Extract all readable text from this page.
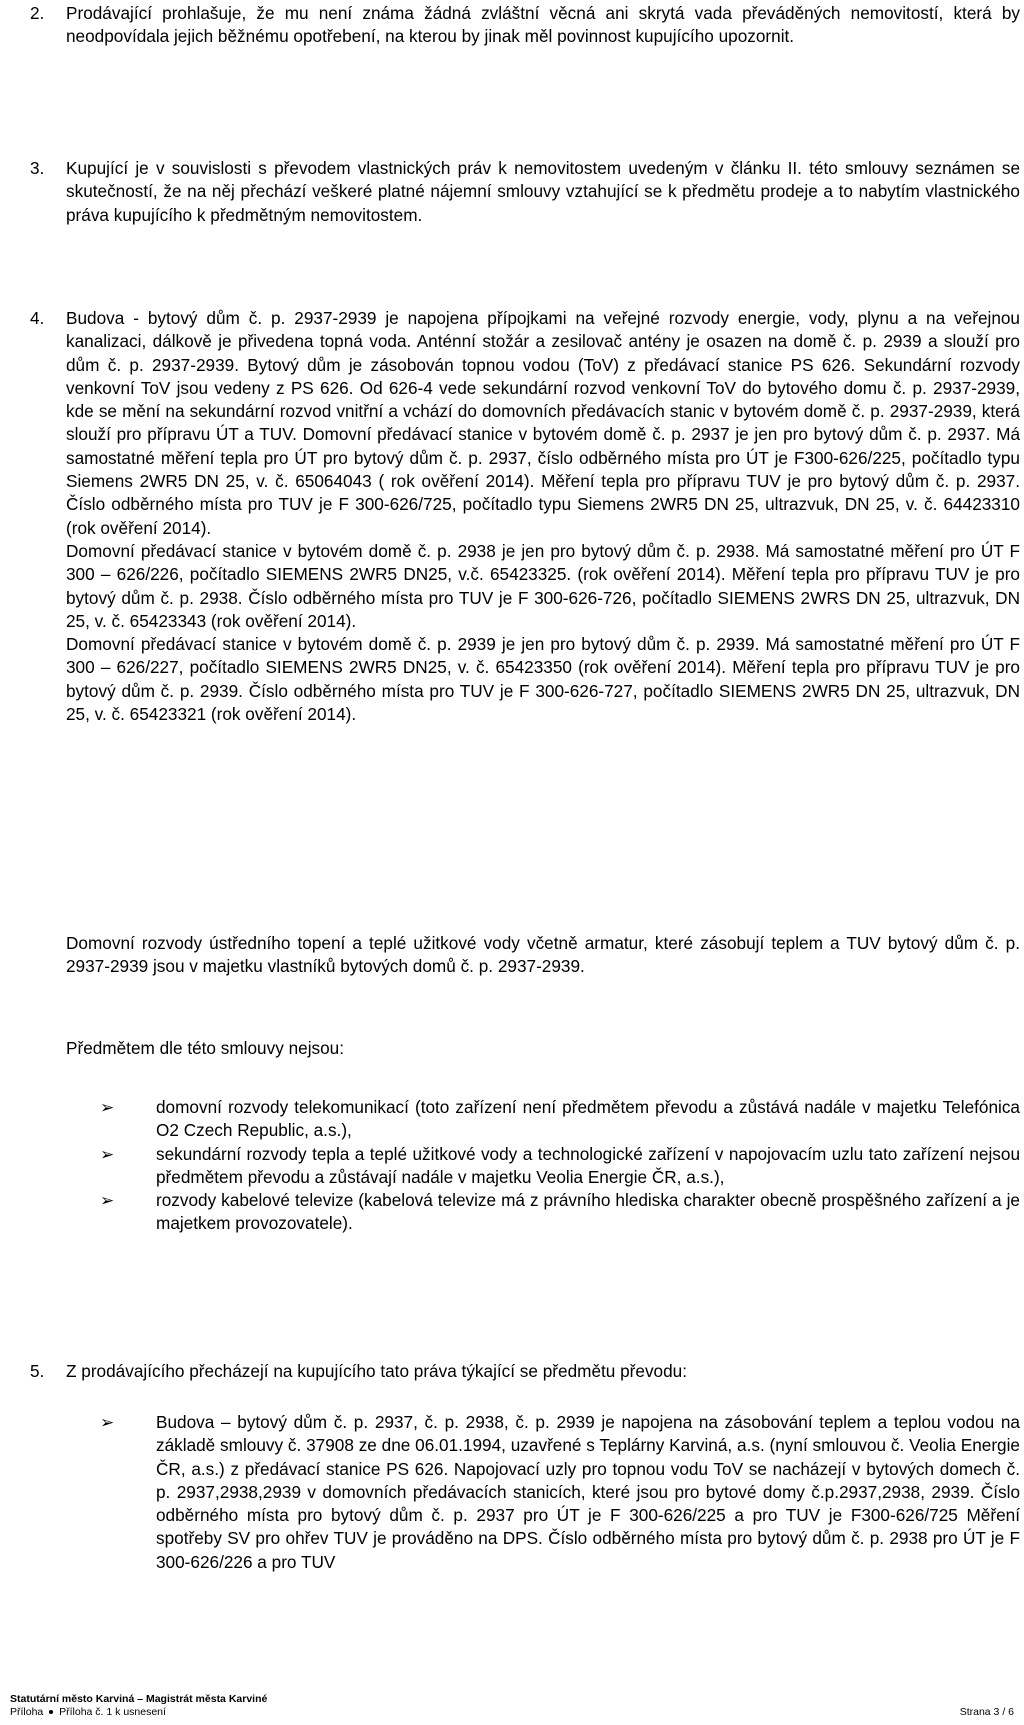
2.	Prodávající prohlašuje, že mu není známa žádná zvláštní věcná ani skrytá vada převáděných nemovitostí, která by neodpovídala jejich běžnému opotřebení, na kterou by jinak měl povinnost kupujícího upozornit.

3.	Kupující je v souvislosti s převodem vlastnických práv k nemovitostem uvedeným v článku II. této smlouvy seznámen se skutečností, že na něj přechází veškeré platné nájemní smlouvy vztahující se k předmětu prodeje a to nabytím vlastnického práva kupujícího k předmětným nemovitostem.

4.	Budova - bytový dům č. p. 2937-2939 je napojena přípojkami na veřejné rozvody energie, vody, plynu a na veřejnou kanalizaci, dálkově je přivedena topná voda. Anténní stožár a zesilovač antény je osazen na domě č. p. 2939 a slouží pro dům č. p. 2937-2939. Bytový dům je zásobován topnou vodou (ToV) z předávací stanice PS 626. Sekundární rozvody venkovní ToV jsou vedeny z PS 626. Od 626-4 vede sekundární rozvod venkovní ToV do bytového domu č. p. 2937-2939, kde se mění na sekundární rozvod vnitřní a vchází do domovních předávacích stanic v bytovém domě č. p. 2937-2939, která slouží pro přípravu ÚT a TUV. Domovní předávací stanice v bytovém domě č. p. 2937 je jen pro bytový dům č. p. 2937. Má samostatné měření tepla pro ÚT pro bytový dům č. p. 2937, číslo odběrného místa pro ÚT je F300-626/225, počítadlo typu Siemens 2WR5 DN 25, v. č. 65064043 ( rok ověření 2014). Měření tepla pro přípravu TUV je pro bytový dům č. p. 2937. Číslo odběrného místa pro TUV je F 300-626/725, počítadlo typu Siemens 2WR5 DN 25, ultrazvuk, DN 25, v. č. 64423310 (rok ověření 2014).

Domovní předávací stanice v bytovém domě č. p. 2938 je jen pro bytový dům č. p. 2938. Má samostatné měření pro ÚT F 300 – 626/226, počítadlo SIEMENS 2WR5 DN25, v.č. 65423325. (rok ověření 2014). Měření tepla pro přípravu TUV je pro bytový dům č. p. 2938. Číslo odběrného místa pro TUV je F 300-626-726, počítadlo SIEMENS 2WRS DN 25, ultrazvuk, DN 25, v. č. 65423343 (rok ověření 2014).

Domovní předávací stanice v bytovém domě č. p. 2939 je jen pro bytový dům č. p. 2939. Má samostatné měření pro ÚT F 300 – 626/227, počítadlo SIEMENS 2WR5 DN25, v. č. 65423350 (rok ověření 2014). Měření tepla pro přípravu TUV je pro bytový dům č. p. 2939. Číslo odběrného místa pro TUV je F 300-626-727, počítadlo SIEMENS 2WR5 DN 25, ultrazvuk, DN 25, v. č. 65423321 (rok ověření 2014).

Domovní rozvody ústředního topení a teplé užitkové vody včetně armatur, které zásobují teplem a TUV bytový dům č. p. 2937-2939 jsou v majetku vlastníků bytových domů č. p. 2937-2939.

Předmětem dle této smlouvy nejsou:

➢ domovní rozvody telekomunikací (toto zařízení není předmětem převodu a zůstává nadále v majetku Telefónica O2 Czech Republic, a.s.),

➢ sekundární rozvody tepla a teplé užitkové vody a technologické zařízení v napojovacím uzlu tato zařízení nejsou předmětem převodu a zůstávají nadále v majetku Veolia Energie ČR, a.s.),

➢ rozvody kabelové televize (kabelová televize má z právního hlediska charakter obecně prospěšného zařízení a je majetkem provozovatele).

5.	Z prodávajícího přecházejí na kupujícího tato práva týkající se předmětu převodu:

➢ Budova – bytový dům č. p. 2937, č. p. 2938, č. p. 2939 je napojena na zásobování teplem a teplou vodou na základě smlouvy č. 37908 ze dne 06.01.1994, uzavřené s Teplárny Karviná, a.s. (nyní smlouvou č. Veolia Energie ČR, a.s.) z předávací stanice PS 626. Napojovací uzly pro topnou vodu ToV se nacházejí v bytových domech č. p. 2937,2938,2939 v domovních předávacích stanicích, které jsou pro bytové domy č.p.2937,2938, 2939. Číslo odběrného místa pro bytový dům č. p. 2937 pro ÚT je F 300-626/225 a pro TUV je F300-626/725 Měření spotřeby SV pro ohřev TUV je prováděno na DPS. Číslo odběrného místa pro bytový dům č. p. 2938 pro ÚT je F 300-626/226 a pro TUV

Statutární město Karviná – Magistrát města Karviné
Příloha Příloha č. 1 k usnesení	Strana 3 / 6
